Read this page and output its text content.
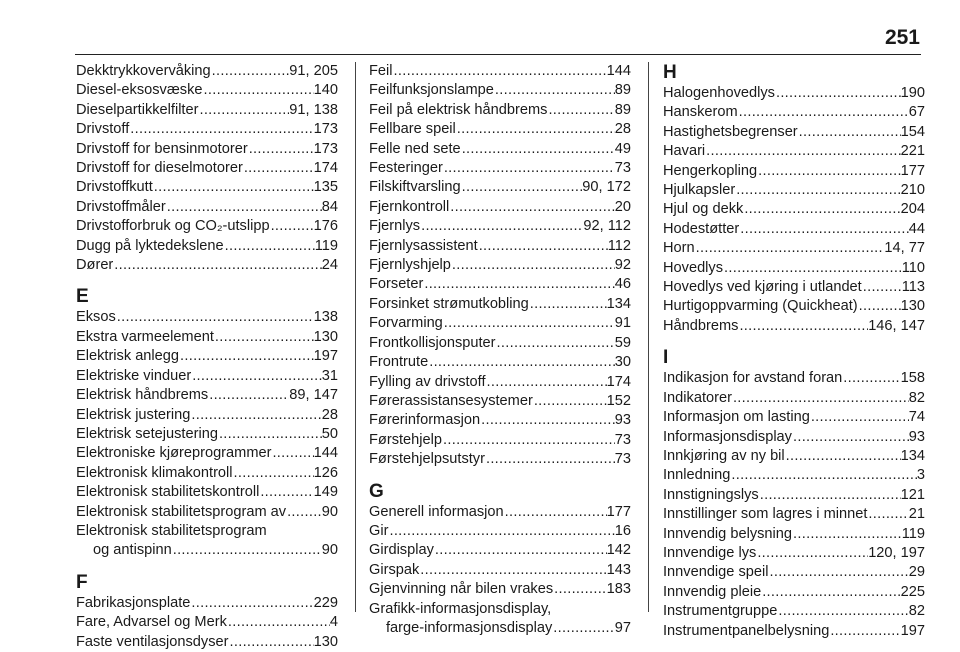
251
Dekktrykkovervåking .....	91, 205
Diesel-eksosvæske .....	140
Dieselpartikkelfilter .....	91, 138
Drivstoff .....	173
Drivstoff for bensinmotorer .....	173
Drivstoff for dieselmotorer .....	174
Drivstoffkutt .....	135
Drivstoffmåler .....	84
Drivstofforbruk og CO₂-utslipp .....	176
Dugg på lyktedekslene .....	119
Dører .....	24
E
Eksos .....	138
Ekstra varmeelement .....	130
Elektrisk anlegg .....	197
Elektriske vinduer .....	31
Elektrisk håndbrems .....	89, 147
Elektrisk justering .....	28
Elektrisk setejustering .....	50
Elektroniske kjøreprogrammer .....	144
Elektronisk klimakontroll .....	126
Elektronisk stabilitetskontroll .....	149
Elektronisk stabilitetsprogram av ..... 90
Elektronisk stabilitetsprogram
og antispinn .....	90
F
Fabrikasjonsplate .....	229
Fare, Advarsel og Merk .....	4
Faste ventilasjonsdyser .....	130
Feil .....	144
Feilfunksjonslampe .....	89
Feil på elektrisk håndbrems .....	89
Fellbare speil .....	28
Felle ned sete .....	49
Festeringer .....	73
Filskiftvarsling .....	90, 172
Fjernkontroll .....	20
Fjernlys .....	92, 112
Fjernlysassistent .....	112
Fjernlyshjelp .....	92
Forseter .....	46
Forsinket strømutkobling .....	134
Forvarming .....	91
Frontkollisjonsputer .....	59
Frontrute .....	30
Fylling av drivstoff .....	174
Førerassistansesystemer .....	152
Førerinformasjon .....	93
Førstehjelp .....	73
Førstehjelpsutstyr .....	73
G
Generell informasjon .....	177
Gir .....	16
Girdisplay .....	142
Girspak .....	143
Gjenvinning når bilen vrakes .....	183
Grafikk-informasjonsdisplay,
farge-informasjonsdisplay .....	97
H
Halogenhovedlys .....	190
Hanskerom .....	67
Hastighetsbegrenser .....	154
Havari .....	221
Hengerkopling .....	177
Hjulkapsler .....	210
Hjul og dekk .....	204
Hodestøtter .....	44
Horn .....	14, 77
Hovedlys .....	110
Hovedlys ved kjøring i utlandet .....	113
Hurtigoppvarming (Quickheat) .....	130
Håndbrems .....	146, 147
I
Indikasjon for avstand foran .....	158
Indikatorer .....	82
Informasjon om lasting .....	74
Informasjonsdisplay .....	93
Innkjøring av ny bil .....	134
Innledning .....	3
Innstigningslys .....	121
Innstillinger som lagres i minnet .....	21
Innvendig belysning .....	119
Innvendige lys .....	120, 197
Innvendige speil .....	29
Innvendig pleie .....	225
Instrumentgruppe .....	82
Instrumentpanelbelysning .....	197
